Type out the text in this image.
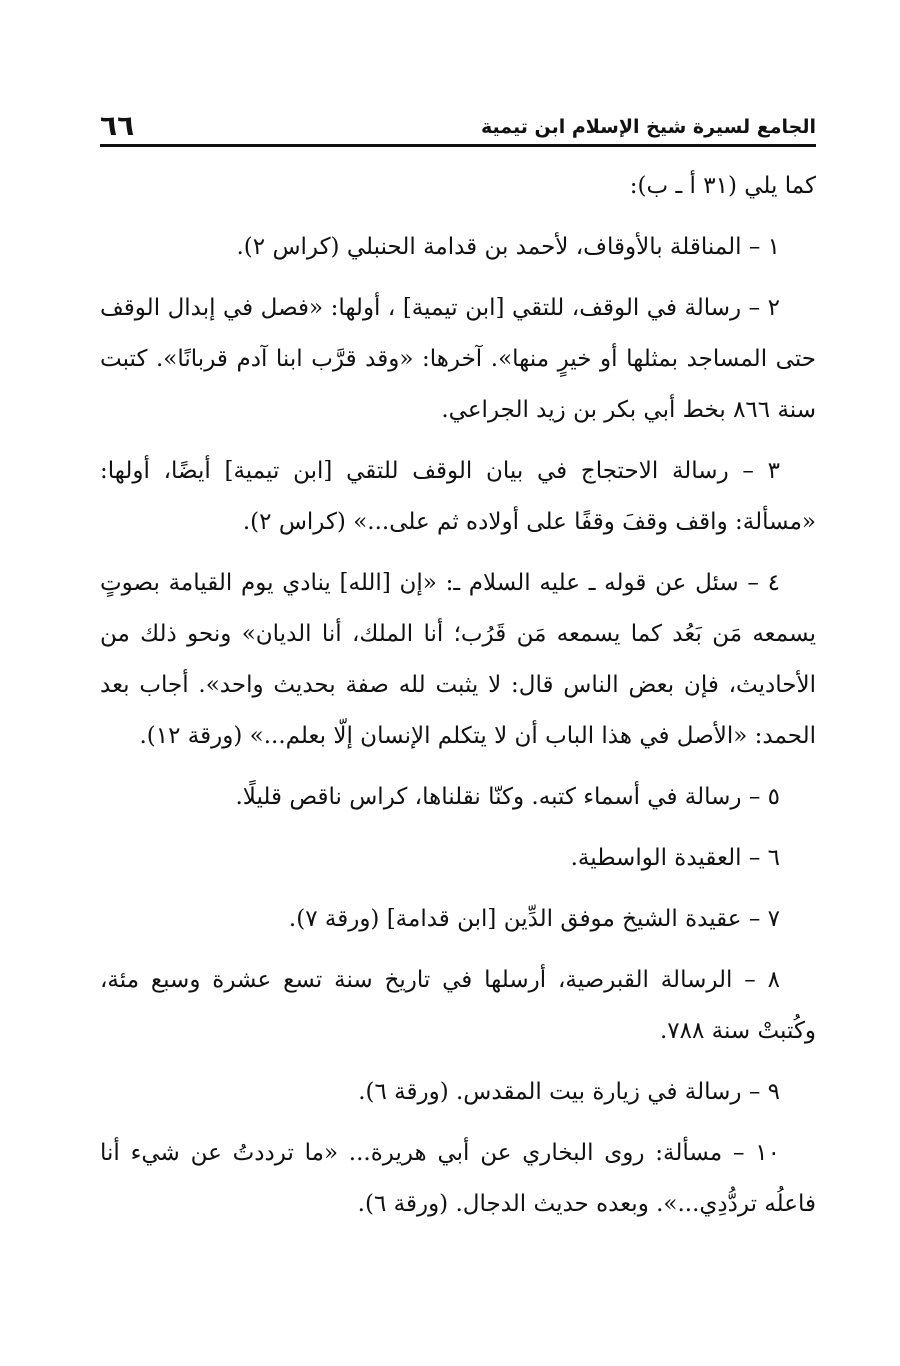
الجامع لسيرة شيخ الإسلام ابن تيمية
٦٦

كما يلي (٣١ أ ـ ب):

١ – المناقلة بالأوقاف، لأحمد بن قدامة الحنبلي (كراس ٢).

٢ – رسالة في الوقف، للتقي [ابن تيمية] ، أولها: «فصل في إبدال الوقف حتى المساجد بمثلها أو خيرٍ منها». آخرها: «وقد قرَّب ابنا آدم قربانًا». كتبت سنة ٨٦٦ بخط أبي بكر بن زيد الجراعي.

٣ – رسالة الاحتجاج في بيان الوقف للتقي [ابن تيمية] أيضًا، أولها: «مسألة: واقف وقفَ وقفًا على أولاده ثم على...» (كراس ٢).

٤ – سئل عن قوله ـ عليه السلام ـ: «إن [الله] ينادي يوم القيامة بصوتٍ يسمعه مَن بَعُد كما يسمعه مَن قَرُب؛ أنا الملك، أنا الديان» ونحو ذلك من الأحاديث، فإن بعض الناس قال: لا يثبت لله صفة بحديث واحد». أجاب بعد الحمد: «الأصل في هذا الباب أن لا يتكلم الإنسان إلّا بعلم...» (ورقة ١٢).

٥ – رسالة في أسماء كتبه. وكنّا نقلناها، كراس ناقص قليلًا.

٦ – العقيدة الواسطية.

٧ – عقيدة الشيخ موفق الدِّين [ابن قدامة] (ورقة ٧).

٨ – الرسالة القبرصية، أرسلها في تاريخ سنة تسع عشرة وسبع مئة، وكُتبتْ سنة ٧٨٨.

٩ – رسالة في زيارة بيت المقدس. (ورقة ٦).

١٠ – مسألة: روى البخاري عن أبي هريرة... «ما ترددتُ عن شيء أنا فاعلُه تردُّدِي...». وبعده حديث الدجال. (ورقة ٦).
